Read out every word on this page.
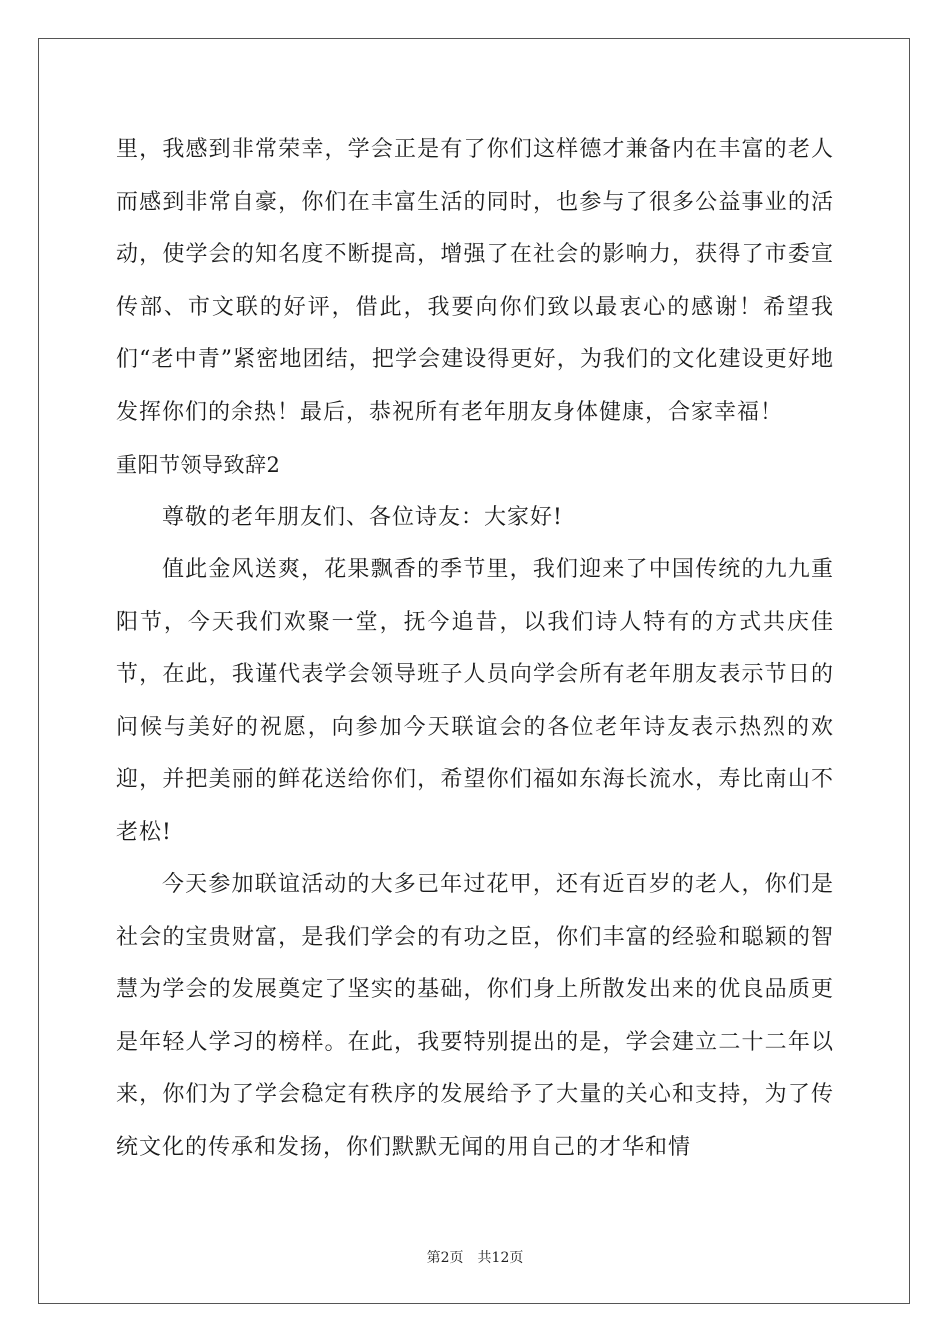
里，我感到非常荣幸，学会正是有了你们这样德才兼备内在丰富的老人而感到非常自豪，你们在丰富生活的同时，也参与了很多公益事业的活动，使学会的知名度不断提高，增强了在社会的影响力，获得了市委宣传部、市文联的好评，借此，我要向你们致以最衷心的感谢！希望我们“老中青”紧密地团结，把学会建设得更好，为我们的文化建设更好地发挥你们的余热！最后，恭祝所有老年朋友身体健康，合家幸福！

重阳节领导致辞2

尊敬的老年朋友们、各位诗友：大家好!

值此金风送爽，花果飘香的季节里，我们迎来了中国传统的九九重阳节，今天我们欢聚一堂，抚今追昔，以我们诗人特有的方式共庆佳节，在此，我谨代表学会领导班子人员向学会所有老年朋友表示节日的问候与美好的祝愿，向参加今天联谊会的各位老年诗友表示热烈的欢迎，并把美丽的鲜花送给你们，希望你们福如东海长流水，寿比南山不老松!

今天参加联谊活动的大多已年过花甲，还有近百岁的老人，你们是社会的宝贵财富，是我们学会的有功之臣，你们丰富的经验和聪颖的智慧为学会的发展奠定了坚实的基础，你们身上所散发出来的优良品质更是年轻人学习的榜样。在此，我要特别提出的是，学会建立二十二年以来，你们为了学会稳定有秩序的发展给予了大量的关心和支持，为了传统文化的传承和发扬，你们默默无闻的用自己的才华和情

第2页 共12页
